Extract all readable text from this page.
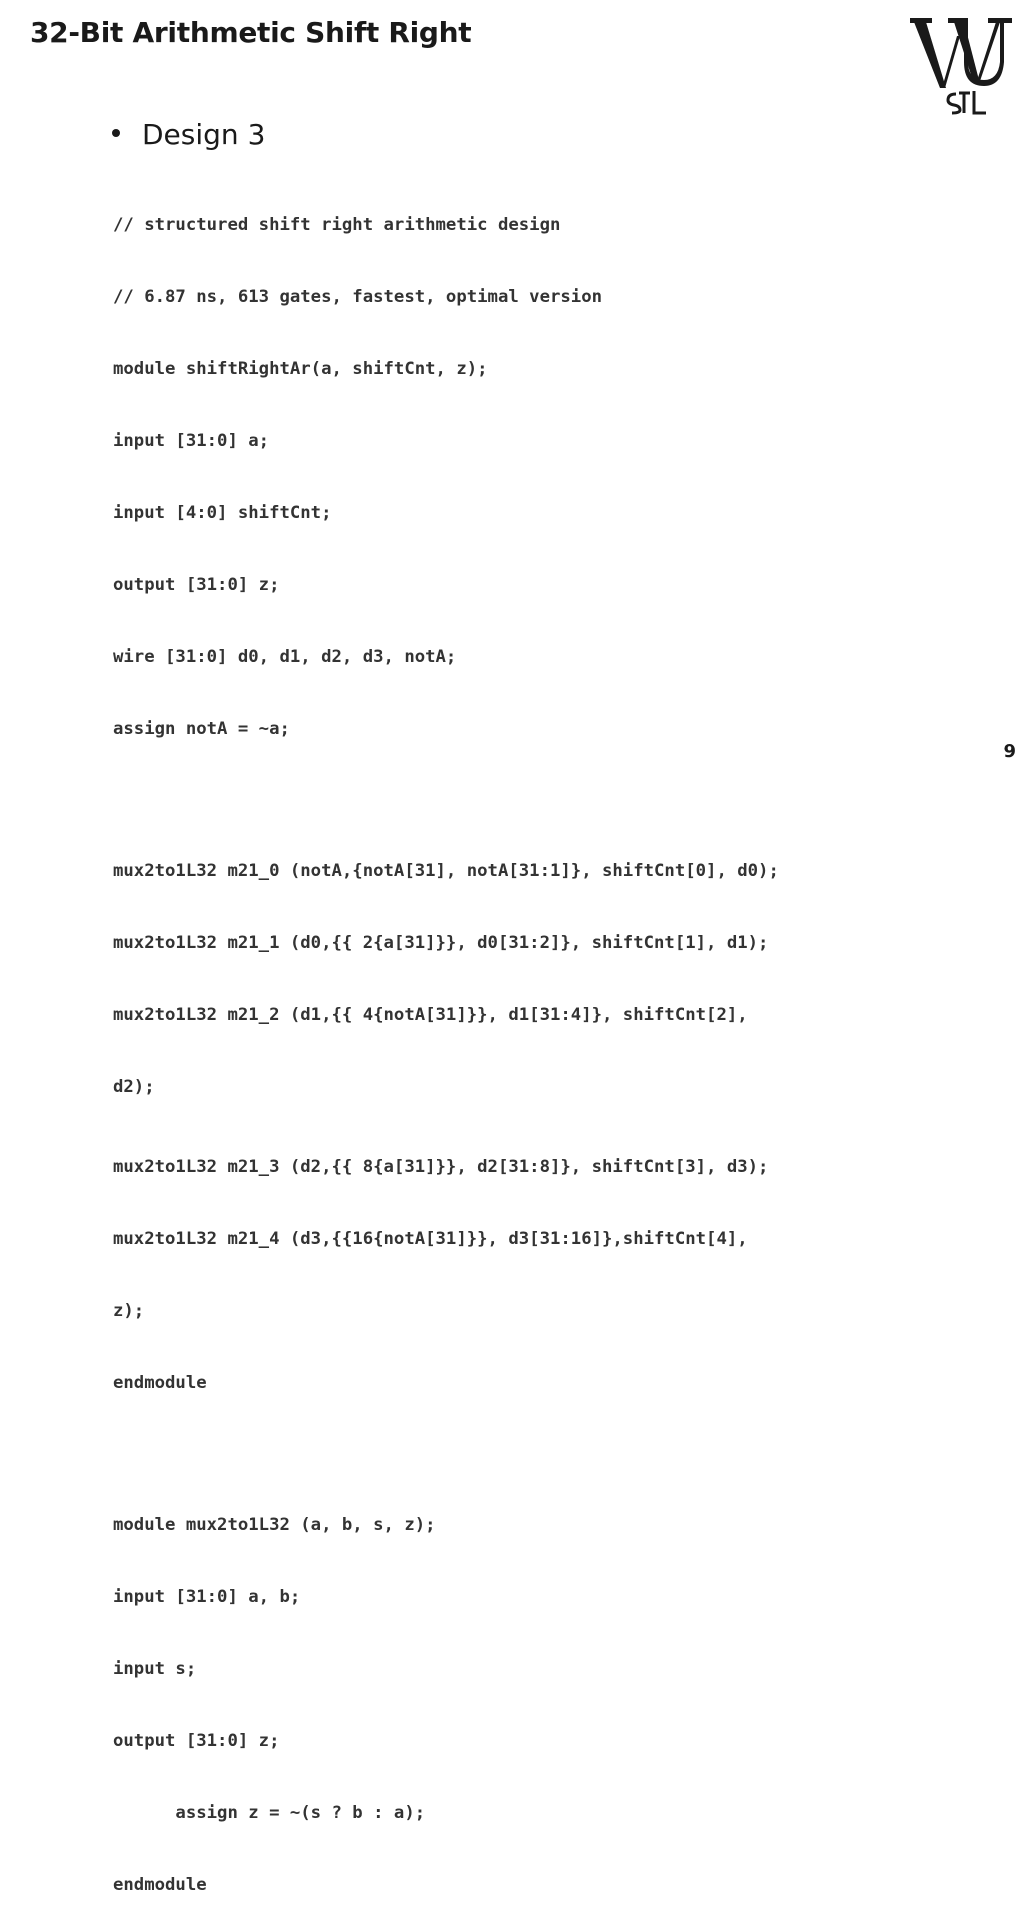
32-Bit Arithmetic Shift Right
Design 3

// structured shift right arithmetic design

// 6.87 ns, 613 gates, fastest, optimal version

module shiftRightAr(a, shiftCnt, z);

input [31:0] a;

input [4:0] shiftCnt;

output [31:0] z;

wire [31:0] d0, d1, d2, d3, notA;

assign notA = ~a;

mux2to1L32 m21_0 (notA,{notA[31], notA[31:1]}, shiftCnt[0], d0);

mux2to1L32 m21_1 (d0,{{ 2{a[31]}}, d0[31:2]}, shiftCnt[1], d1);

mux2to1L32 m21_2 (d1,{{ 4{notA[31]}}, d1[31:4]}, shiftCnt[2],

d2);

mux2to1L32 m21_3 (d2,{{ 8{a[31]}}, d2[31:8]}, shiftCnt[3], d3);

mux2to1L32 m21_4 (d3,{{16{notA[31]}}, d3[31:16]},shiftCnt[4],

z);

endmodule

module mux2to1L32 (a, b, s, z);

input [31:0] a, b;

input s;

output [31:0] z;

assign z = ~(s ? b : a);

endmodule

9
